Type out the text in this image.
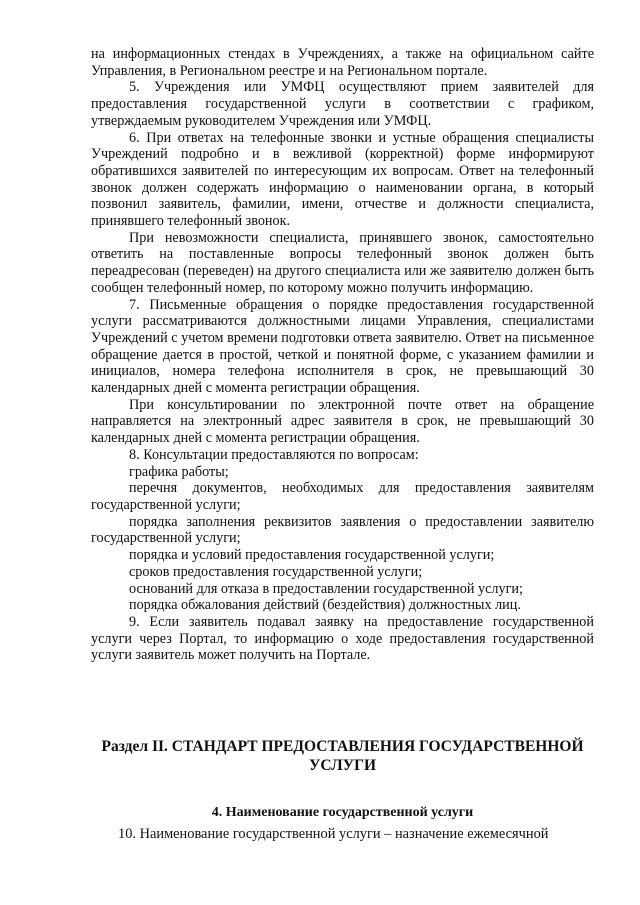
на информационных стендах в Учреждениях, а также на официальном сайте Управления, в Региональном реестре и на Региональном портале.

5. Учреждения или УМФЦ осуществляют прием заявителей для предоставления государственной услуги в соответствии с графиком, утверждаемым руководителем Учреждения или УМФЦ.

6. При ответах на телефонные звонки и устные обращения специалисты Учреждений подробно и в вежливой (корректной) форме информируют обратившихся заявителей по интересующим их вопросам. Ответ на телефонный звонок должен содержать информацию о наименовании органа, в который позвонил заявитель, фамилии, имени, отчестве и должности специалиста, принявшего телефонный звонок.

При невозможности специалиста, принявшего звонок, самостоятельно ответить на поставленные вопросы телефонный звонок должен быть переадресован (переведен) на другого специалиста или же заявителю должен быть сообщен телефонный номер, по которому можно получить информацию.

7. Письменные обращения о порядке предоставления государственной услуги рассматриваются должностными лицами Управления, специалистами Учреждений с учетом времени подготовки ответа заявителю. Ответ на письменное обращение дается в простой, четкой и понятной форме, с указанием фамилии и инициалов, номера телефона исполнителя в срок, не превышающий 30 календарных дней с момента регистрации обращения.

При консультировании по электронной почте ответ на обращение направляется на электронный адрес заявителя в срок, не превышающий 30 календарных дней с момента регистрации обращения.

8. Консультации предоставляются по вопросам:

графика работы;

перечня документов, необходимых для предоставления заявителям государственной услуги;

порядка заполнения реквизитов заявления о предоставлении заявителю государственной услуги;

порядка и условий предоставления государственной услуги;

сроков предоставления государственной услуги;

оснований для отказа в предоставлении государственной услуги;

порядка обжалования действий (бездействия) должностных лиц.

9. Если заявитель подавал заявку на предоставление государственной услуги через Портал, то информацию о ходе предоставления государственной услуги заявитель может получить на Портале.

Раздел II. СТАНДАРТ ПРЕДОСТАВЛЕНИЯ ГОСУДАРСТВЕННОЙ УСЛУГИ
4. Наименование государственной услуги
10. Наименование государственной услуги – назначение ежемесячной
